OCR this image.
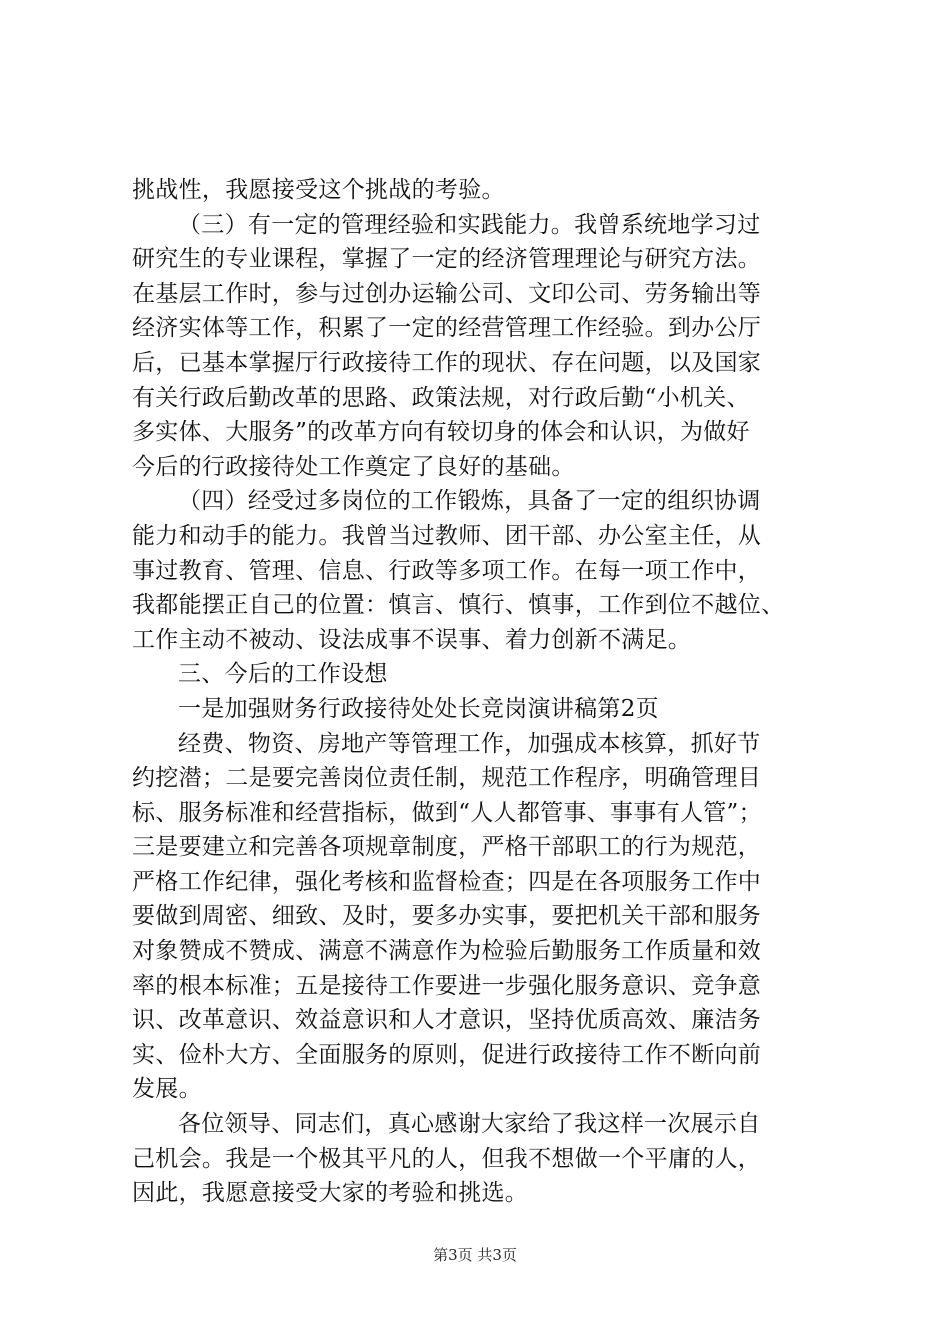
挑战性，我愿接受这个挑战的考验。
（三）有一定的管理经验和实践能力。我曾系统地学习过
研究生的专业课程，掌握了一定的经济管理理论与研究方法。
在基层工作时，参与过创办运输公司、文印公司、劳务输出等
经济实体等工作，积累了一定的经营管理工作经验。到办公厅
后，已基本掌握厅行政接待工作的现状、存在问题，以及国家
有关行政后勤改革的思路、政策法规，对行政后勤“小机关、
多实体、大服务”的改革方向有较切身的体会和认识，为做好
今后的行政接待处工作奠定了良好的基础。
（四）经受过多岗位的工作锻炼，具备了一定的组织协调
能力和动手的能力。我曾当过教师、团干部、办公室主任，从
事过教育、管理、信息、行政等多项工作。在每一项工作中，
我都能摆正自己的位置：慎言、慎行、慎事，工作到位不越位、
工作主动不被动、设法成事不误事、着力创新不满足。
三、今后的工作设想
一是加强财务行政接待处处长竞岗演讲稿第2页
经费、物资、房地产等管理工作，加强成本核算，抓好节
约挖潜；二是要完善岗位责任制，规范工作程序，明确管理目
标、服务标准和经营指标，做到“人人都管事、事事有人管”；
三是要建立和完善各项规章制度，严格干部职工的行为规范，
严格工作纪律，强化考核和监督检查；四是在各项服务工作中
要做到周密、细致、及时，要多办实事，要把机关干部和服务
对象赞成不赞成、满意不满意作为检验后勤服务工作质量和效
率的根本标准；五是接待工作要进一步强化服务意识、竞争意
识、改革意识、效益意识和人才意识，坚持优质高效、廉洁务
实、俭朴大方、全面服务的原则，促进行政接待工作不断向前
发展。
各位领导、同志们，真心感谢大家给了我这样一次展示自
己机会。我是一个极其平凡的人，但我不想做一个平庸的人，
因此，我愿意接受大家的考验和挑选。
第3页 共3页
